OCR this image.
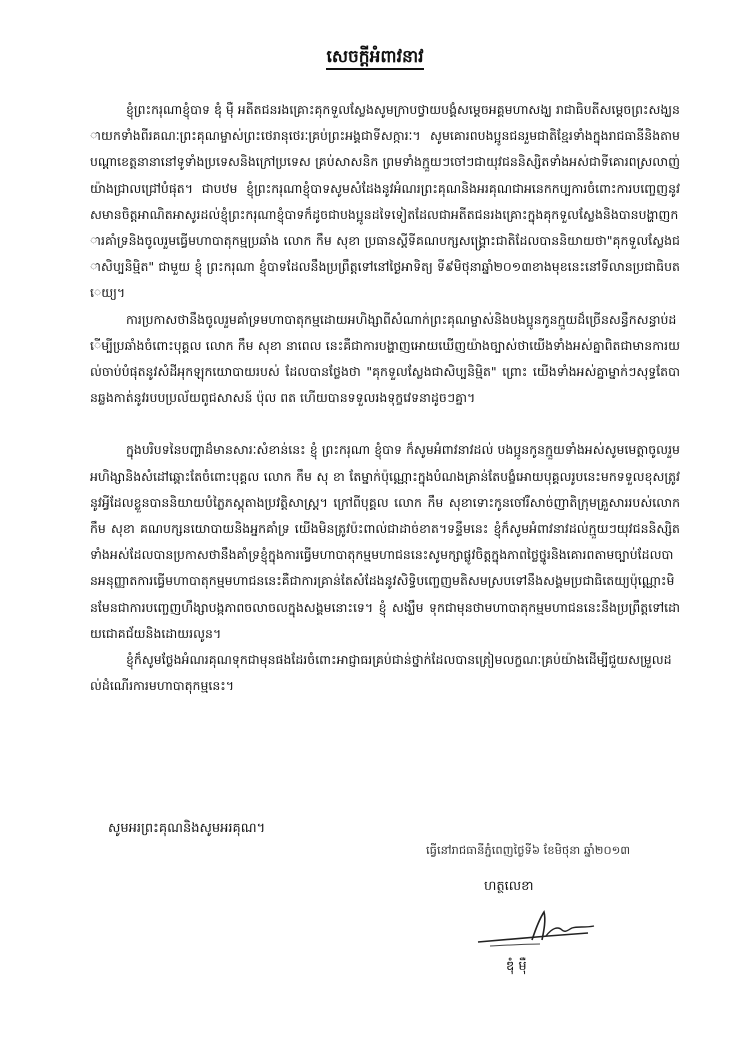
សេចក្តីអំពាវនាវ

ខ្ញុំព្រះករុណាខ្ញុំបាទ ឌុំ ម៉ឺ អតីតជនរងគ្រោះគុកទួលស្លែងសូមក្រាបថ្វាយបង្គំសម្តេចអគ្គមហាសង្ឃ រាជាធិបតីសម្តេចព្រះសង្ឃនាយកទាំងពីរគណៈព្រះគុណម្ចាស់ព្រះថេរានុថេរៈគ្រប់ព្រះអង្គជាទីសក្ការៈ។ សូមគោរពបងប្អូនជនរួមជាតិខ្មែរទាំងក្នុងរាជធានីនិងតាមបណ្តាខេត្តនានានៅទូទាំងប្រទេសនិងក្រៅប្រទេស គ្រប់សាសនិក ព្រមទាំងក្មួយៗចៅៗជាយុវជននិស្សិតទាំងអស់ជាទីគោរពស្រលាញ់យ៉ាងជ្រាលជ្រៅបំផុត។ ជាបឋម ខ្ញុំព្រះករុណាខ្ញុំបាទសូមសំដែងនូវអំណរព្រះគុណនិងអរគុណជាអនេកកប្បការចំពោះការបញ្ចេញនូវសមានចិត្តអាណិតអាសូរដល់ខ្ញុំព្រះករុណាខ្ញុំបាទក៏ដូចជាបងប្អូនដទៃទៀតដែលជាអតីតជនរងគ្រោះក្នុងគុកទួលស្លែងនិងបានបង្ហាញការគាំទ្រនិងចូលរួមធ្វើមហាបាតុកម្មប្រឆាំង លោក កឹម សុខា ប្រធានស្តីទីគណបក្សសង្គ្រោះជាតិដែលបាននិយាយថា"គុកទួលស្លែងជាសិប្បនិម្មិត" ជាមួយ ខ្ញុំ ព្រះករុណា ខ្ញុំបាទដែលនឹងប្រព្រឹត្តទៅនៅថ្ងៃអាទិត្យ ទី៩មិថុនាឆ្នាំ២០១៣ខាងមុខនេះនៅទីលានប្រជាធិបតេយ្យ។

ការប្រកាសថានឹងចូលរួមគាំទ្រមហាបាតុកម្មដោយអហិង្សាពីសំណាក់ព្រះគុណម្ចាស់និងបងប្អូនកូនក្មួយដ៏ច្រើនសន្ធឹកសន្ធាប់ដើម្បីប្រឆាំងចំពោះបុគ្គល លោក កឹម សុខា នាពេល នេះគឺជាការបង្ហាញអោយឃើញយ៉ាងច្បាស់ថាយើងទាំងអស់គ្នាពិតជាមានការយល់ចាប់បំផុតនូវសំដីអុកឡុកយោបាយរបស់ ដែលបានថ្លែងថា "គុកទួលស្លែងជាសិប្បនិម្មិត" ព្រោះ យើងទាំងអស់គ្នាម្នាក់ៗសុទ្ធតែបានឆ្លងកាត់នូវរបបប្រល័យពូជសាសន៍ ប៉ុល ពត ហើយបានទទួលរងទុក្ខវេទនាដូចៗគ្នា។

ក្នុងបរិបទនៃបញ្ហាដ៏មានសារៈសំខាន់នេះ ខ្ញុំ ព្រះករុណា ខ្ញុំបាទ ក៏សូមអំពាវនាវដល់ បងប្អូនកូនក្មួយទាំងអស់សូមមេត្តាចូលរួមអហិង្សានិងសំដៅឆ្ពោះតែចំពោះបុគ្គល លោក កឹម សុ ខា តែម្នាក់ប៉ុណ្ណោះក្នុងបំណងគ្រាន់តែបង្ខំអោយបុគ្គលរូបនេះមកទទួលខុសត្រូវនូវអ្វីដែលខ្លួនបាននិយាយបំភ្លៃភស្តុតាងប្រវត្តិសាស្ត្រ។ ក្រៅពីបុគ្គល លោក កឹម សុខាទោះកូនចៅរឺសាច់ញាតិក្រុមគ្រួសាររបស់លោក កឹម សុខា គណបក្សនយោបាយនិងអ្នកគាំទ្រ យើងមិនត្រូវប៉ះពាល់ជាដាច់ខាត។ទន្ទឹមនេះ ខ្ញុំក៏សូមអំពាវនាវដល់ក្មួយៗយុវជននិស្សិតទាំងអស់ដែលបានប្រកាសថានឹងគាំទ្រខ្ញុំក្នុងការធ្វើមហាបាតុកម្មមហាជននេះសូមក្សាផ្លូវចិត្តក្នុងភាពថ្លៃថ្នូរនិងគោរពតាមច្បាប់ដែលបានអនុញ្ញាតការធ្វើមហាបាតុកម្មមហាជននេះគឺជាការគ្រាន់តែសំដែងនូវសិទ្ធិបញ្ចេញមតិសមស្របទៅនឹងសង្គមប្រជាធិតេយ្យប៉ុណ្ណោះមិនមែនជាការបញ្ចេញហឹង្សាបង្កភាពចលាចលក្នុងសង្គមនោះទេ។ ខ្ញុំ សង្ឃឹម ទុកជាមុនថាមហាបាតុកម្មមហាជននេះនឹងប្រព្រឹត្តទៅដោយជោគជ័យនិងដោយរលូន។

ខ្ញុំក៏សូមថ្លែងអំណរគុណទុកជាមុនផងដែរចំពោះអាជ្ញាធរគ្រប់ជាន់ថ្នាក់ដែលបានត្រៀមលក្ខណៈគ្រប់យ៉ាងដើម្បីជួយសម្រួលដល់ដំណើរការមហាបាតុកម្មនេះ។

សូមអរព្រះគុណនិងសូមអរគុណ។
ធ្វើនៅរាជធានីភ្នំពេញថ្ងៃទី៦ ខែមិថុនា ឆ្នាំ២០១៣
ហត្ថលេខា
ឌុំ ម៉ឺ
